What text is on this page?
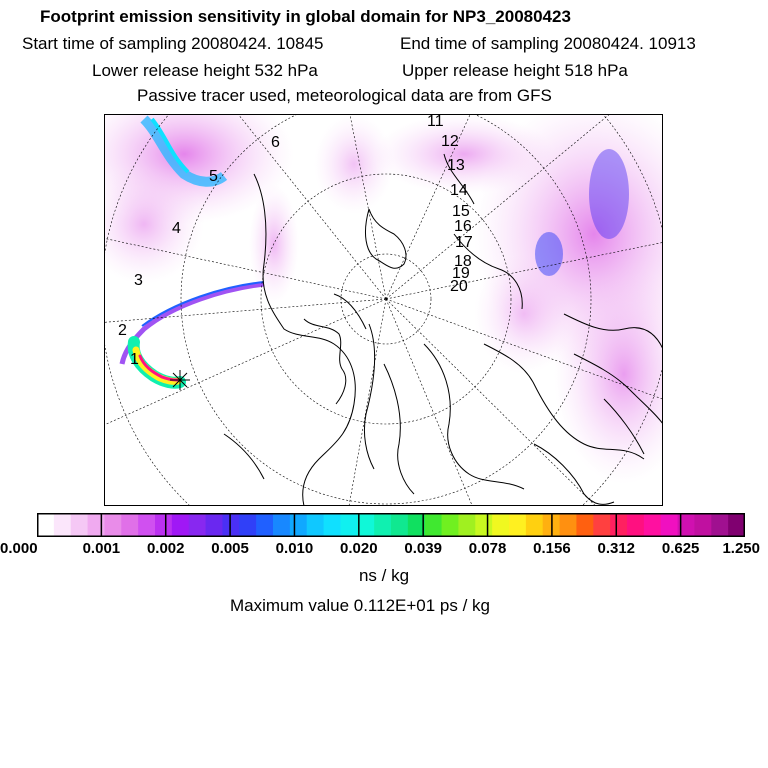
Footprint emission sensitivity in global domain for NP3_20080423
Start time of sampling 20080424. 10845	End time of sampling 20080424. 10913
Lower release height 532 hPa	Upper release height 518 hPa
Passive tracer used, meteorological data are from GFS
1
2
3
4
5
6
11
12
13
14
15
16
17
18
19
20
0.000	0.001 0.002 0.005 0.010 0.020 0.039 0.078 0.156 0.312 0.625 1.250
ns / kg
Maximum value 0.112E+01 ps / kg
